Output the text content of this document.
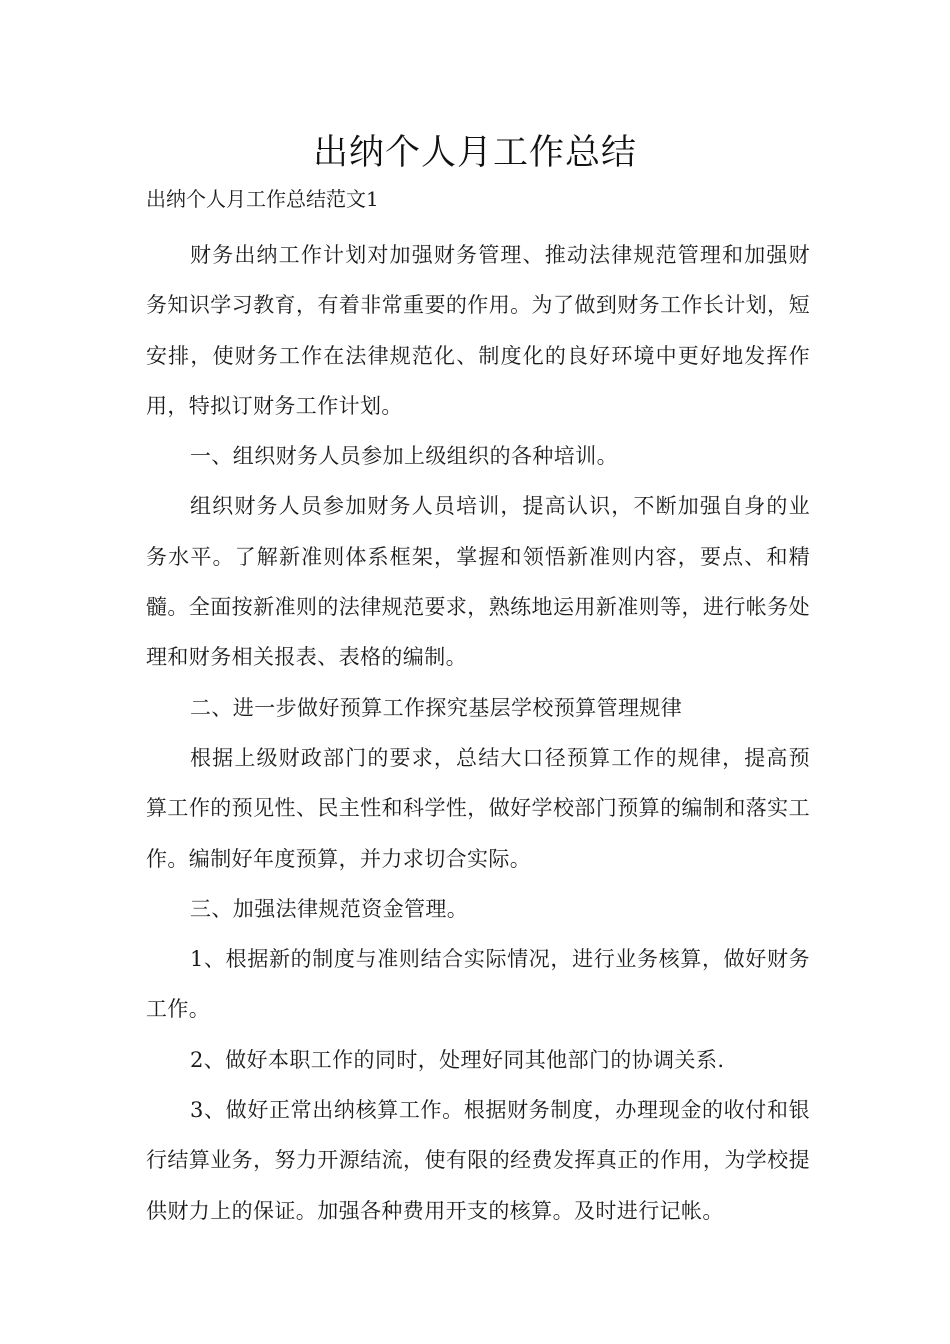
出纳个人月工作总结

出纳个人月工作总结范文1

财务出纳工作计划对加强财务管理、推动法律规范管理和加强财务知识学习教育，有着非常重要的作用。为了做到财务工作长计划，短安排，使财务工作在法律规范化、制度化的良好环境中更好地发挥作用，特拟订财务工作计划。

一、组织财务人员参加上级组织的各种培训。

组织财务人员参加财务人员培训，提高认识，不断加强自身的业务水平。了解新准则体系框架，掌握和领悟新准则内容，要点、和精髓。全面按新准则的法律规范要求，熟练地运用新准则等，进行帐务处理和财务相关报表、表格的编制。

二、进一步做好预算工作探究基层学校预算管理规律

根据上级财政部门的要求，总结大口径预算工作的规律，提高预算工作的预见性、民主性和科学性，做好学校部门预算的编制和落实工作。编制好年度预算，并力求切合实际。

三、加强法律规范资金管理。

1、根据新的制度与准则结合实际情况，进行业务核算，做好财务工作。

2、做好本职工作的同时，处理好同其他部门的协调关系.

3、做好正常出纳核算工作。根据财务制度，办理现金的收付和银行结算业务，努力开源结流，使有限的经费发挥真正的作用，为学校提供财力上的保证。加强各种费用开支的核算。及时进行记帐。
